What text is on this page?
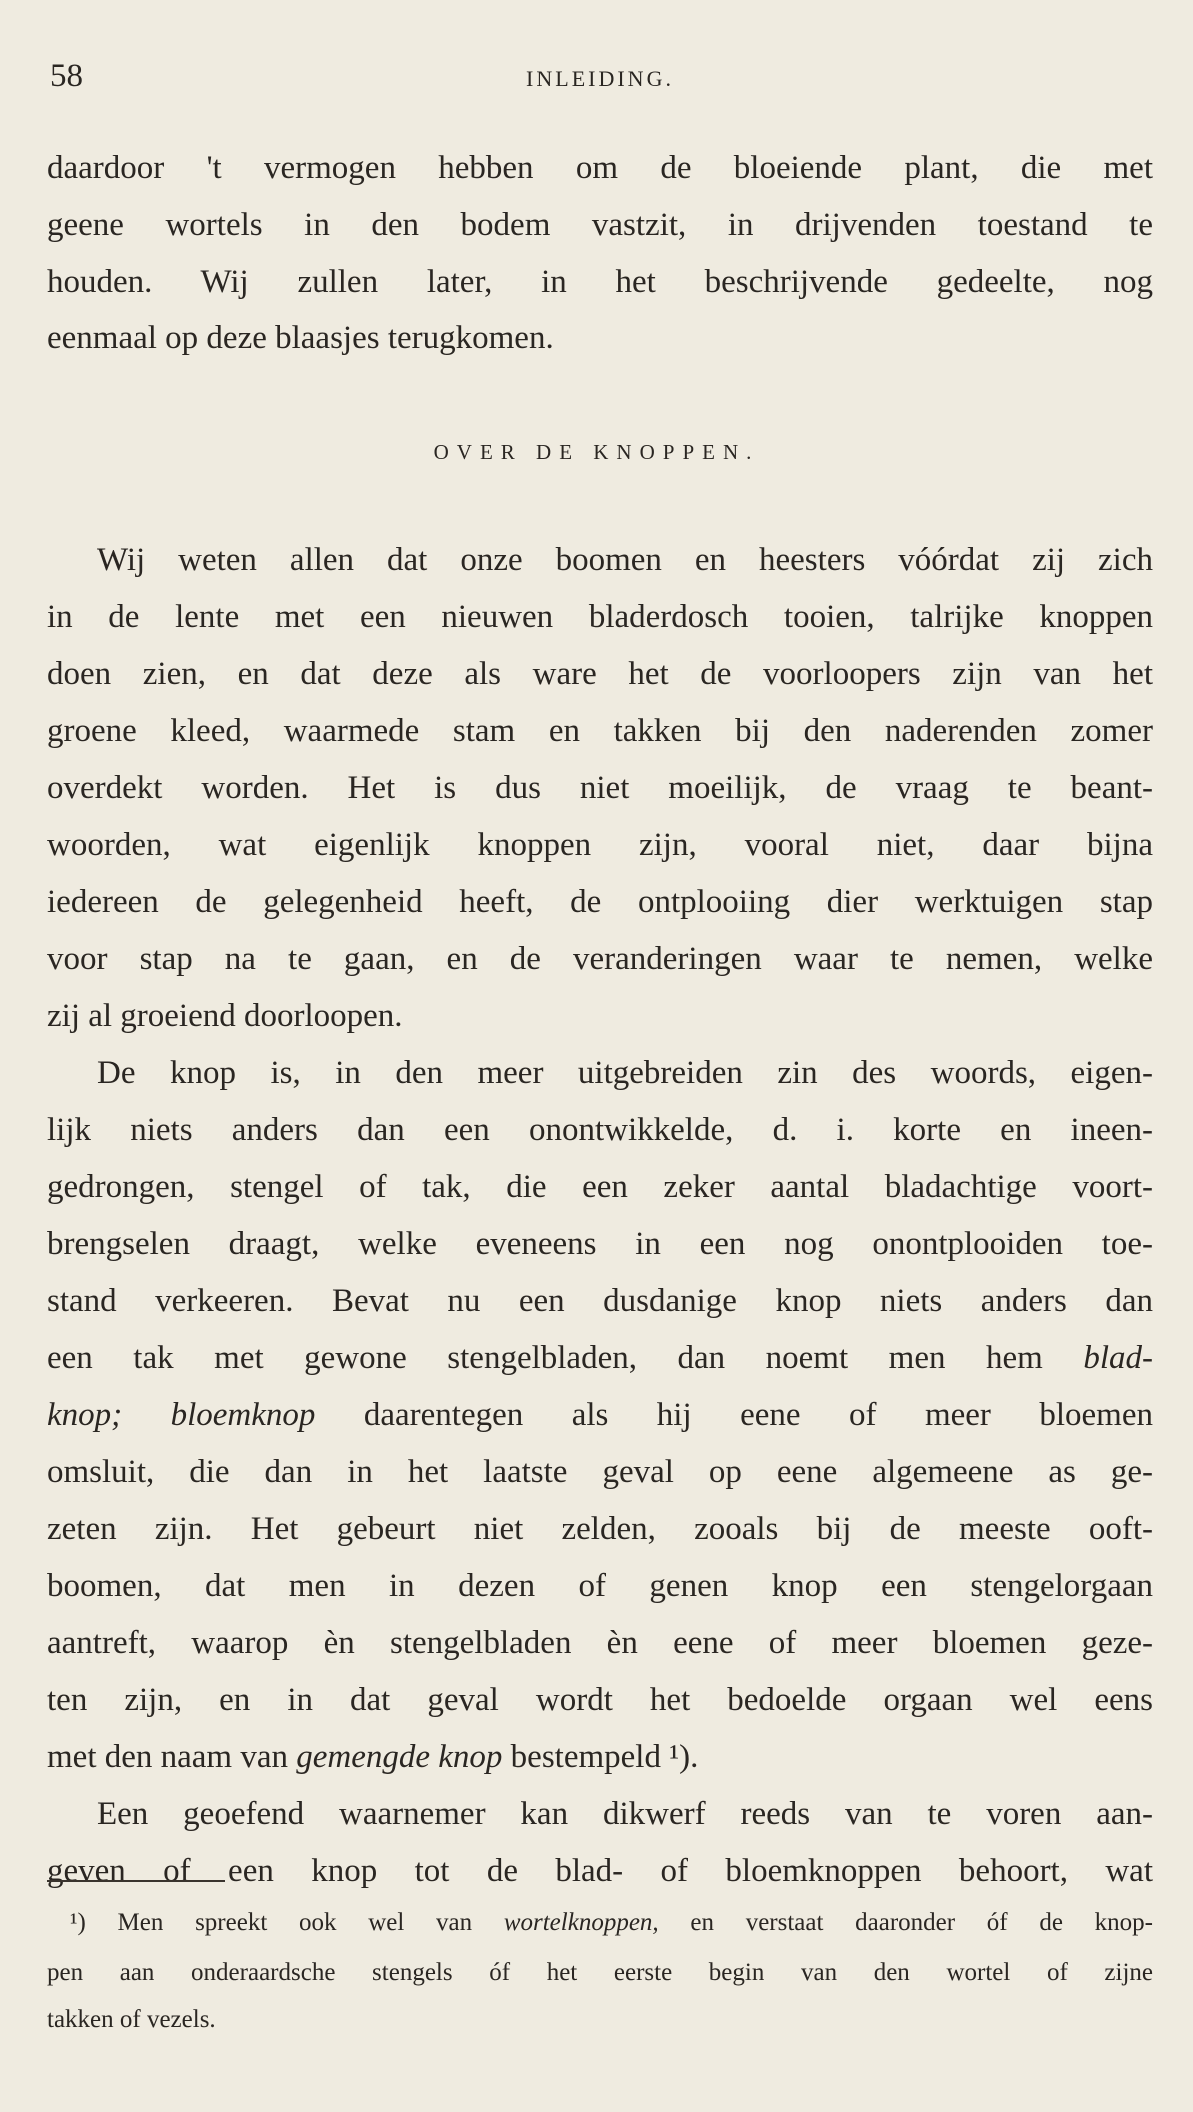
58	INLEIDING.
daardoor 't vermogen hebben om de bloeiende plant, die met
geene wortels in den bodem vastzit, in drijvenden toestand te
houden. Wij zullen later, in het beschrijvende gedeelte, nog
eenmaal op deze blaasjes terugkomen.
OVER DE KNOPPEN.
Wij weten allen dat onze boomen en heesters vóórdat zij zich
in de lente met een nieuwen bladerdosch tooien, talrijke knoppen
doen zien, en dat deze als ware het de voorloopers zijn van het
groene kleed, waarmede stam en takken bij den naderenden zomer
overdekt worden. Het is dus niet moeilijk, de vraag te beant-
woorden, wat eigenlijk knoppen zijn, vooral niet, daar bijna
iedereen de gelegenheid heeft, de ontplooiing dier werktuigen stap
voor stap na te gaan, en de veranderingen waar te nemen, welke
zij al groeiend doorloopen.
De knop is, in den meer uitgebreiden zin des woords, eigen-
lijk niets anders dan een onontwikkelde, d. i. korte en ineen-
gedrongen, stengel of tak, die een zeker aantal bladachtige voort-
brengselen draagt, welke eveneens in een nog onontplooiden toe-
stand verkeeren. Bevat nu een dusdanige knop niets anders dan
een tak met gewone stengelbladen, dan noemt men hem blad-
knop; bloemknop daarentegen als hij eene of meer bloemen
omsluit, die dan in het laatste geval op eene algemeene as ge-
zeten zijn. Het gebeurt niet zelden, zooals bij de meeste ooft-
boomen, dat men in dezen of genen knop een stengelorgaan
aantreft, waarop èn stengelbladen èn eene of meer bloemen geze-
ten zijn, en in dat geval wordt het bedoelde orgaan wel eens
met den naam van gemengde knop bestempeld ¹).
Een geoefend waarnemer kan dikwerf reeds van te voren aan-
geven of een knop tot de blad- of bloemknoppen behoort, wat
¹) Men spreekt ook wel van wortelknoppen, en verstaat daaronder óf de knop-
pen aan onderaardsche stengels óf het eerste begin van den wortel of zijne
takken of vezels.
